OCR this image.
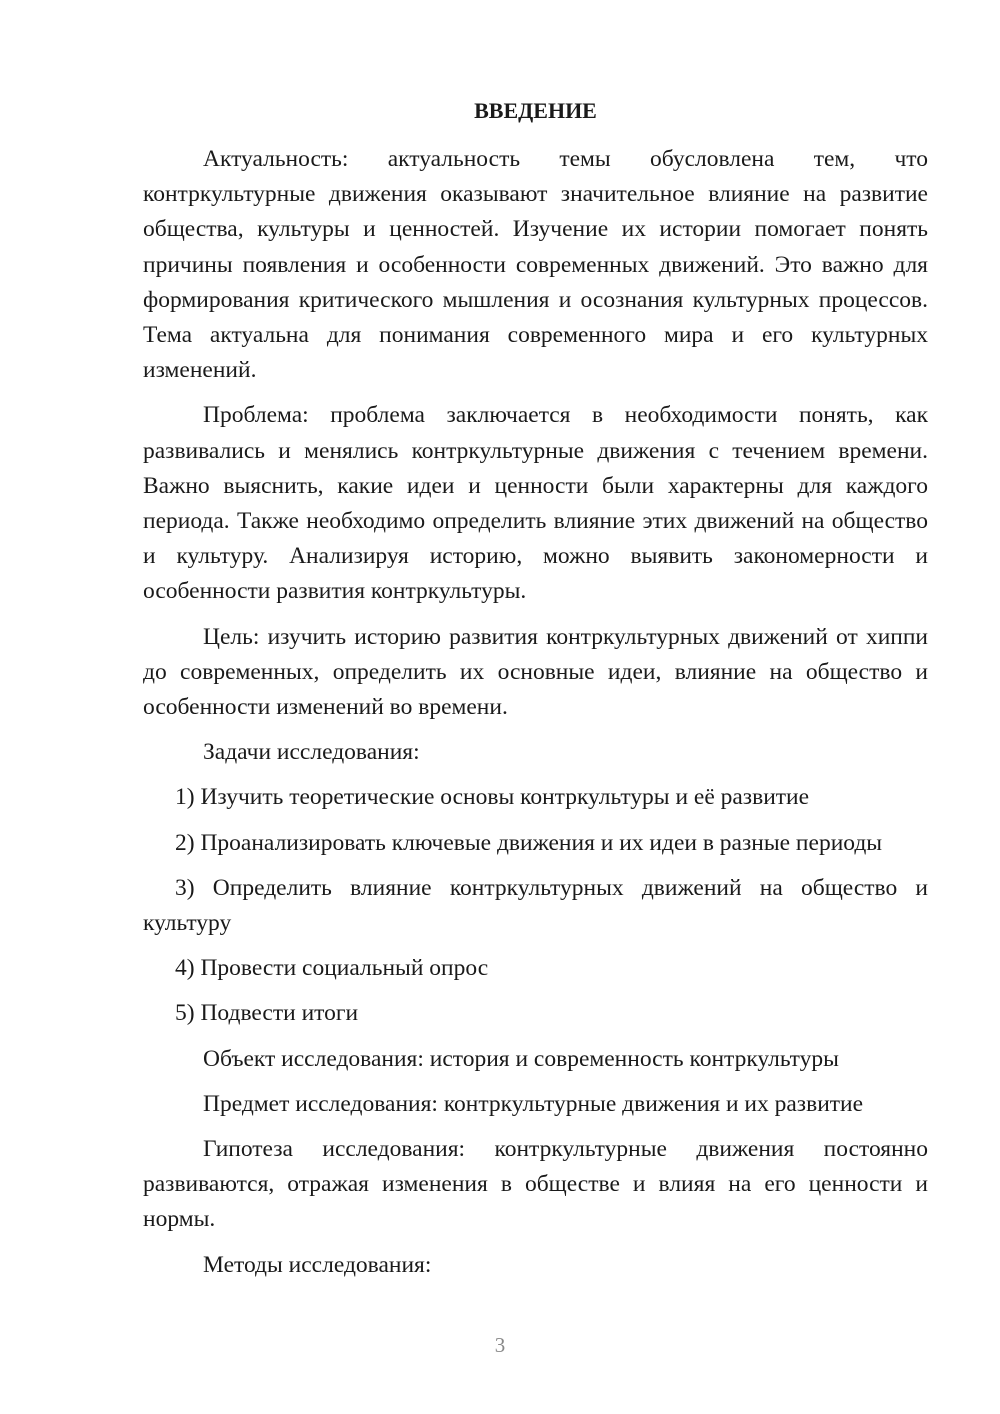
ВВЕДЕНИЕ

Актуальность: актуальность темы обусловлена тем, что контркультурные движения оказывают значительное влияние на развитие общества, культуры и ценностей. Изучение их истории помогает понять причины появления и особенности современных движений. Это важно для формирования критического мышления и осознания культурных процессов. Тема актуальна для понимания современного мира и его культурных изменений.

Проблема: проблема заключается в необходимости понять, как развивались и менялись контркультурные движения с течением времени. Важно выяснить, какие идеи и ценности были характерны для каждого периода. Также необходимо определить влияние этих движений на общество и культуру. Анализируя историю, можно выявить закономерности и особенности развития контркультуры.

Цель: изучить историю развития контркультурных движений от хиппи до современных, определить их основные идеи, влияние на общество и особенности изменений во времени.

Задачи исследования:

1) Изучить теоретические основы контркультуры и её развитие

2) Проанализировать ключевые движения и их идеи в разные периоды

3) Определить влияние контркультурных движений на общество и культуру

4) Провести социальный опрос

5) Подвести итоги

Объект исследования: история и современность контркультуры

Предмет исследования: контркультурные движения и их развитие

Гипотеза исследования: контркультурные движения постоянно развиваются, отражая изменения в обществе и влияя на его ценности и нормы.

Методы исследования:

3
